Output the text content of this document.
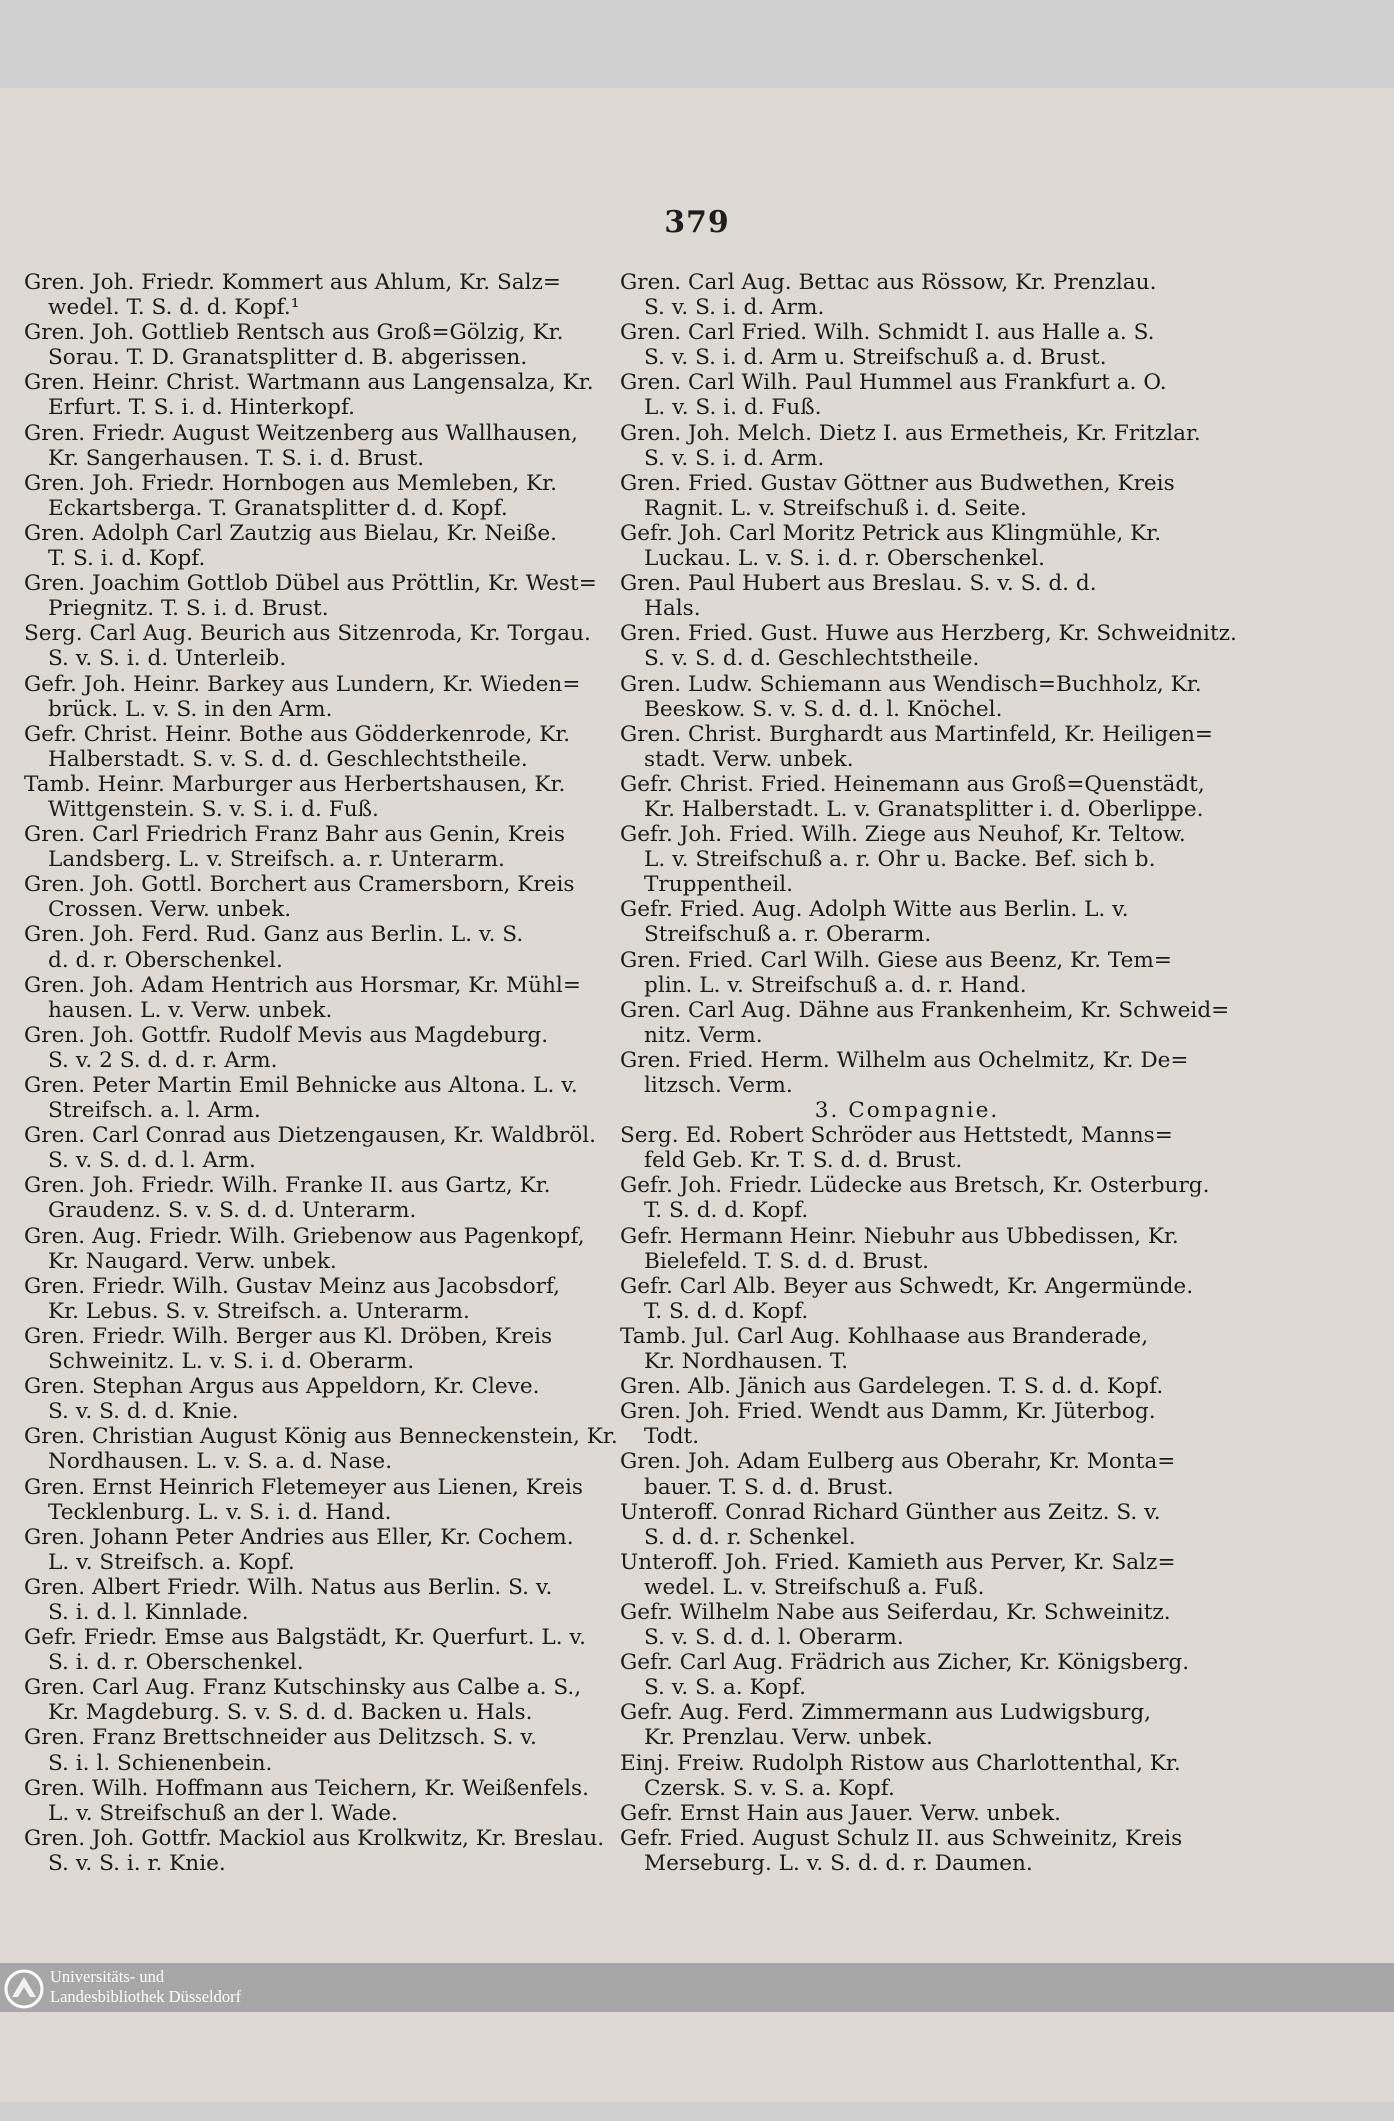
379
Gren. Joh. Friedr. Kommert aus Ahlum, Kr. Salz=
wedel. T. S. d. d. Kopf.¹
Gren. Joh. Gottlieb Rentsch aus Groß=Gölzig, Kr.
Sorau. T. D. Granatsplitter d. B. abgerissen.
Gren. Heinr. Christ. Wartmann aus Langensalza, Kr.
Erfurt. T. S. i. d. Hinterkopf.
Gren. Friedr. August Weitzenberg aus Wallhausen,
Kr. Sangerhausen. T. S. i. d. Brust.
Gren. Joh. Friedr. Hornbogen aus Memleben, Kr.
Eckartsberga. T. Granatsplitter d. d. Kopf.
Gren. Adolph Carl Zautzig aus Bielau, Kr. Neiße.
T. S. i. d. Kopf.
Gren. Joachim Gottlob Dübel aus Pröttlin, Kr. West=
Priegnitz. T. S. i. d. Brust.
Serg. Carl Aug. Beurich aus Sitzenroda, Kr. Torgau.
S. v. S. i. d. Unterleib.
Gefr. Joh. Heinr. Barkey aus Lundern, Kr. Wieden=
brück. L. v. S. in den Arm.
Gefr. Christ. Heinr. Bothe aus Gödderkenrode, Kr.
Halberstadt. S. v. S. d. d. Geschlechtstheile.
Tamb. Heinr. Marburger aus Herbertshausen, Kr.
Wittgenstein. S. v. S. i. d. Fuß.
Gren. Carl Friedrich Franz Bahr aus Genin, Kreis
Landsberg. L. v. Streifsch. a. r. Unterarm.
Gren. Joh. Gottl. Borchert aus Cramersborn, Kreis
Crossen. Verw. unbek.
Gren. Joh. Ferd. Rud. Ganz aus Berlin. L. v. S.
d. d. r. Oberschenkel.
Gren. Joh. Adam Hentrich aus Horsmar, Kr. Mühl=
hausen. L. v. Verw. unbek.
Gren. Joh. Gottfr. Rudolf Mevis aus Magdeburg.
S. v. 2 S. d. d. r. Arm.
Gren. Peter Martin Emil Behnicke aus Altona. L. v.
Streifsch. a. l. Arm.
Gren. Carl Conrad aus Dietzengausen, Kr. Waldbröl.
S. v. S. d. d. l. Arm.
Gren. Joh. Friedr. Wilh. Franke II. aus Gartz, Kr.
Graudenz. S. v. S. d. d. Unterarm.
Gren. Aug. Friedr. Wilh. Griebenow aus Pagenkopf,
Kr. Naugard. Verw. unbek.
Gren. Friedr. Wilh. Gustav Meinz aus Jacobsdorf,
Kr. Lebus. S. v. Streifsch. a. Unterarm.
Gren. Friedr. Wilh. Berger aus Kl. Dröben, Kreis
Schweinitz. L. v. S. i. d. Oberarm.
Gren. Stephan Argus aus Appeldorn, Kr. Cleve.
S. v. S. d. d. Knie.
Gren. Christian August König aus Benneckenstein, Kr.
Nordhausen. L. v. S. a. d. Nase.
Gren. Ernst Heinrich Fletemeyer aus Lienen, Kreis
Tecklenburg. L. v. S. i. d. Hand.
Gren. Johann Peter Andries aus Eller, Kr. Cochem.
L. v. Streifsch. a. Kopf.
Gren. Albert Friedr. Wilh. Natus aus Berlin. S. v.
S. i. d. l. Kinnlade.
Gefr. Friedr. Emse aus Balgstädt, Kr. Querfurt. L. v.
S. i. d. r. Oberschenkel.
Gren. Carl Aug. Franz Kutschinsky aus Calbe a. S.,
Kr. Magdeburg. S. v. S. d. d. Backen u. Hals.
Gren. Franz Brettschneider aus Delitzsch. S. v.
S. i. l. Schienenbein.
Gren. Wilh. Hoffmann aus Teichern, Kr. Weißenfels.
L. v. Streifschuß an der l. Wade.
Gren. Joh. Gottfr. Mackiol aus Krolkwitz, Kr. Breslau.
S. v. S. i. r. Knie.
Gren. Carl Aug. Bettac aus Rössow, Kr. Prenzlau.
S. v. S. i. d. Arm.
Gren. Carl Fried. Wilh. Schmidt I. aus Halle a. S.
S. v. S. i. d. Arm u. Streifschuß a. d. Brust.
Gren. Carl Wilh. Paul Hummel aus Frankfurt a. O.
L. v. S. i. d. Fuß.
Gren. Joh. Melch. Dietz I. aus Ermetheis, Kr. Fritzlar.
S. v. S. i. d. Arm.
Gren. Fried. Gustav Göttner aus Budwethen, Kreis
Ragnit. L. v. Streifschuß i. d. Seite.
Gefr. Joh. Carl Moritz Petrick aus Klingmühle, Kr.
Luckau. L. v. S. i. d. r. Oberschenkel.
Gren. Paul Hubert aus Breslau. S. v. S. d. d.
Hals.
Gren. Fried. Gust. Huwe aus Herzberg, Kr. Schweidnitz.
S. v. S. d. d. Geschlechtstheile.
Gren. Ludw. Schiemann aus Wendisch=Buchholz, Kr.
Beeskow. S. v. S. d. d. l. Knöchel.
Gren. Christ. Burghardt aus Martinfeld, Kr. Heiligen=
stadt. Verw. unbek.
Gefr. Christ. Fried. Heinemann aus Groß=Quenstädt,
Kr. Halberstadt. L. v. Granatsplitter i. d. Oberlippe.
Gefr. Joh. Fried. Wilh. Ziege aus Neuhof, Kr. Teltow.
L. v. Streifschuß a. r. Ohr u. Backe. Bef. sich b.
Truppentheil.
Gefr. Fried. Aug. Adolph Witte aus Berlin. L. v.
Streifschuß a. r. Oberarm.
Gren. Fried. Carl Wilh. Giese aus Beenz, Kr. Tem=
plin. L. v. Streifschuß a. d. r. Hand.
Gren. Carl Aug. Dähne aus Frankenheim, Kr. Schweid=
nitz. Verm.
Gren. Fried. Herm. Wilhelm aus Ochelmitz, Kr. De=
litzsch. Verm.
3. Compagnie.
Serg. Ed. Robert Schröder aus Hettstedt, Manns=
feld Geb. Kr. T. S. d. d. Brust.
Gefr. Joh. Friedr. Lüdecke aus Bretsch, Kr. Osterburg.
T. S. d. d. Kopf.
Gefr. Hermann Heinr. Niebuhr aus Ubbedissen, Kr.
Bielefeld. T. S. d. d. Brust.
Gefr. Carl Alb. Beyer aus Schwedt, Kr. Angermünde.
T. S. d. d. Kopf.
Tamb. Jul. Carl Aug. Kohlhaase aus Branderade,
Kr. Nordhausen. T.
Gren. Alb. Jänich aus Gardelegen. T. S. d. d. Kopf.
Gren. Joh. Fried. Wendt aus Damm, Kr. Jüterbog.
Todt.
Gren. Joh. Adam Eulberg aus Oberahr, Kr. Monta=
bauer. T. S. d. d. Brust.
Unteroff. Conrad Richard Günther aus Zeitz. S. v.
S. d. d. r. Schenkel.
Unteroff. Joh. Fried. Kamieth aus Perver, Kr. Salz=
wedel. L. v. Streifschuß a. Fuß.
Gefr. Wilhelm Nabe aus Seiferdau, Kr. Schweinitz.
S. v. S. d. d. l. Oberarm.
Gefr. Carl Aug. Frädrich aus Zicher, Kr. Königsberg.
S. v. S. a. Kopf.
Gefr. Aug. Ferd. Zimmermann aus Ludwigsburg,
Kr. Prenzlau. Verw. unbek.
Einj. Freiw. Rudolph Ristow aus Charlottenthal, Kr.
Czersk. S. v. S. a. Kopf.
Gefr. Ernst Hain aus Jauer. Verw. unbek.
Gefr. Fried. August Schulz II. aus Schweinitz, Kreis
Merseburg. L. v. S. d. d. r. Daumen.
Universitäts- und
Landesbibliothek Düsseldorf
